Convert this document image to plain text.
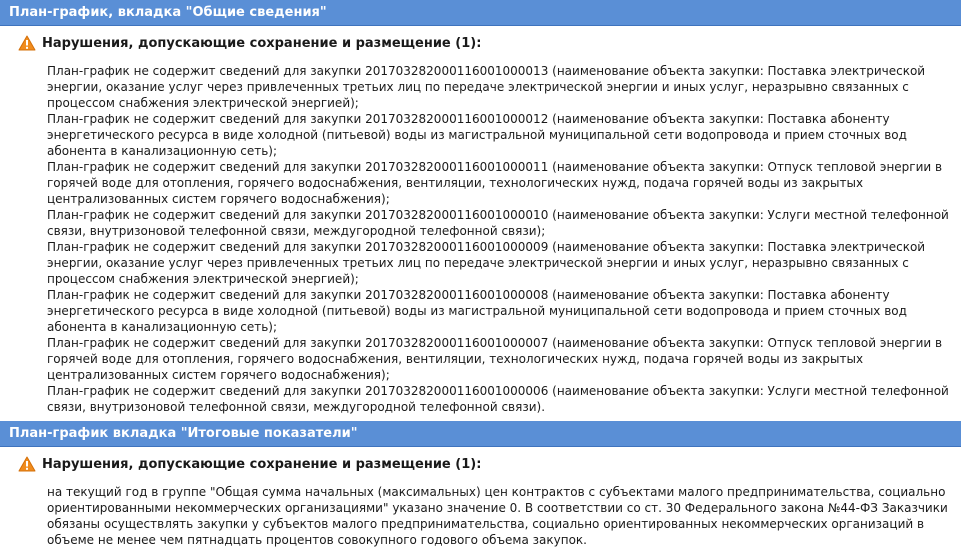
План-график, вкладка "Общие сведения"
Нарушения, допускающие сохранение и размещение (1):

План-график не содержит сведений для закупки 201703282000116001000013 (наименование объекта закупки: Поставка электрической энергии, оказание услуг через привлеченных третьих лиц по передаче электрической энергии и иных услуг, неразрывно связанных с процессом снабжения электрической энергией);

План-график не содержит сведений для закупки 201703282000116001000012 (наименование объекта закупки: Поставка абоненту энергетического ресурса в виде холодной (питьевой) воды из магистральной муниципальной сети водопровода и прием сточных вод абонента в канализационную сеть);

План-график не содержит сведений для закупки 201703282000116001000011 (наименование объекта закупки: Отпуск тепловой энергии в горячей воде для отопления, горячего водоснабжения, вентиляции, технологических нужд, подача горячей воды из закрытых централизованных систем горячего водоснабжения);

План-график не содержит сведений для закупки 201703282000116001000010 (наименование объекта закупки: Услуги местной телефонной связи, внутризоновой телефонной связи, междугородной телефонной связи);

План-график не содержит сведений для закупки 201703282000116001000009 (наименование объекта закупки: Поставка электрической энергии, оказание услуг через привлеченных третьих лиц по передаче электрической энергии и иных услуг, неразрывно связанных с процессом снабжения электрической энергией);

План-график не содержит сведений для закупки 201703282000116001000008 (наименование объекта закупки: Поставка абоненту энергетического ресурса в виде холодной (питьевой) воды из магистральной муниципальной сети водопровода и прием сточных вод абонента в канализационную сеть);

План-график не содержит сведений для закупки 201703282000116001000007 (наименование объекта закупки: Отпуск тепловой энергии в горячей воде для отопления, горячего водоснабжения, вентиляции, технологических нужд, подача горячей воды из закрытых централизованных систем горячего водоснабжения);

План-график не содержит сведений для закупки 201703282000116001000006 (наименование объекта закупки: Услуги местной телефонной связи, внутризоновой телефонной связи, междугородной телефонной связи).

План-график вкладка "Итоговые показатели"
Нарушения, допускающие сохранение и размещение (1):

на текущий год в группе "Общая сумма начальных (максимальных) цен контрактов с субъектами малого предпринимательства, социально ориентированными некоммерческих организациями" указано значение 0. В соответствии со ст. 30 Федерального закона №44-ФЗ Заказчики обязаны осуществлять закупки у субъектов малого предпринимательства, социально ориентированных некоммерческих организаций в объеме не менее чем пятнадцать процентов совокупного годового объема закупок.
